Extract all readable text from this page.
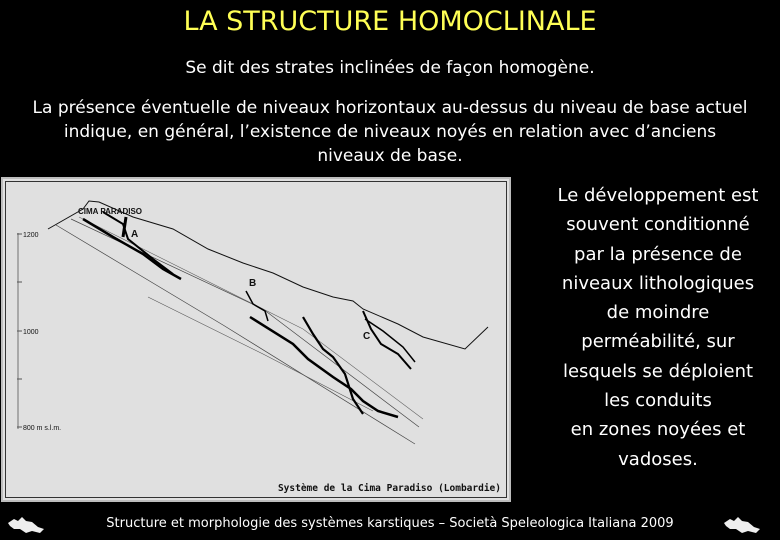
LA STRUCTURE HOMOCLINALE
Se dit des strates inclinées de façon homogène.
La présence éventuelle de niveaux horizontaux au-dessus du niveau de base actuel indique, en général, l’existence de niveaux noyés en relation avec d’anciens niveaux de base.
CIMA PARADISO
1200
1000
800 m s.l.m.
A
B
C
Système de la Cima Paradiso (Lombardie)
Le développement est
souvent conditionné
par la présence de
niveaux lithologiques
de moindre
perméabilité, sur
lesquels se déploient
les conduits
en zones noyées et
vadoses.
Structure et morphologie des systèmes karstiques – Società Speleologica Italiana 2009
